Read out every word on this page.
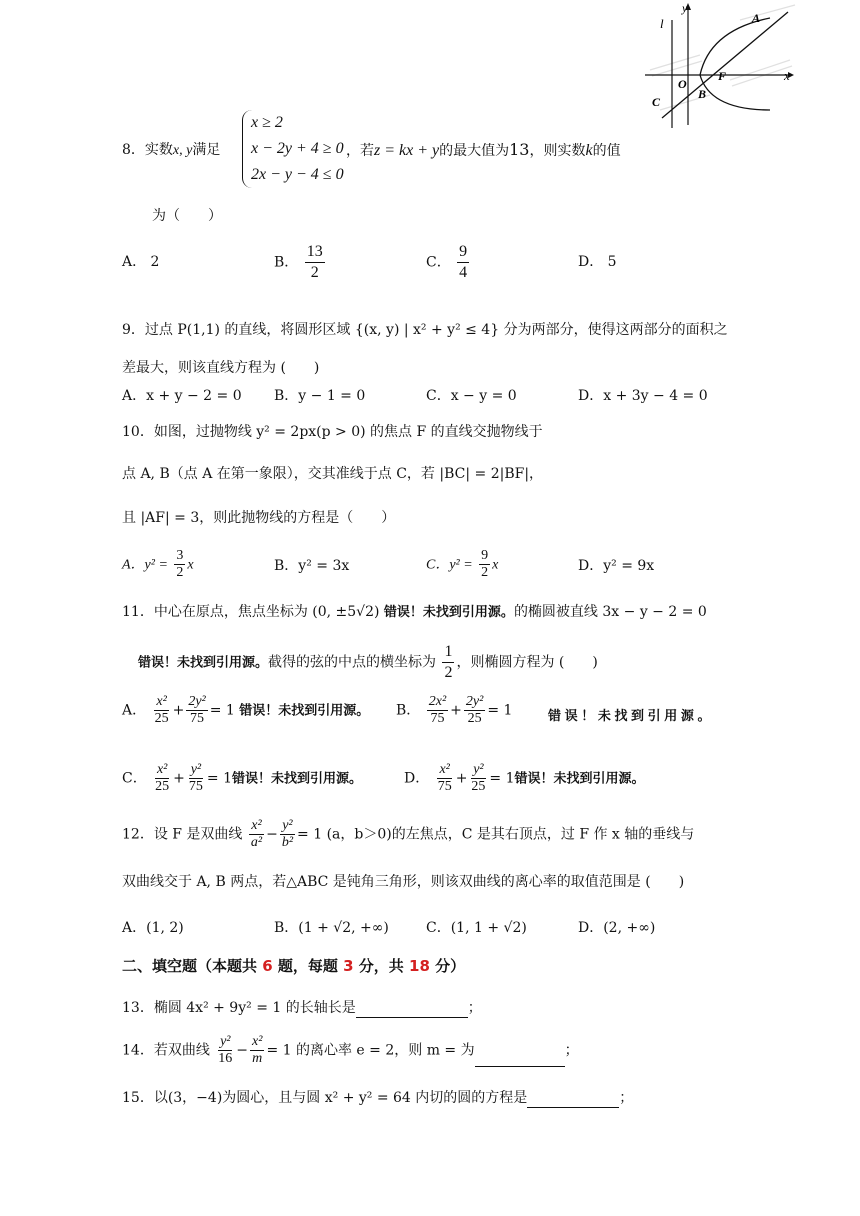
y
x
l	A
O
F
B
C
8．实数x, y满足
x ≥ 2
x − 2y + 4 ≥ 0
2x − y − 4 ≤ 0
，若z = kx + y的最大值为13，则实数k的值
为（　　）
A． 2	B． $\frac{13}{2}$	C． $\frac{9}{4}$	D． 5
9．过点 P(1,1) 的直线，将圆形区域 {(x, y) | x² + y² ≤ 4} 分为两部分，使得这两部分的面积之
差最大，则该直线方程为 (　　)
A．x + y − 2 = 0 B．y − 1 = 0	C．x − y = 0	D．x + 3y − 4 = 0
10．如图，过抛物线 y² = 2px(p > 0) 的焦点 F 的直线交抛物线于
点 A, B（点 A 在第一象限），交其准线于点 C，若 |BC| = 2|BF|，
且 |AF| = 3，则此抛物线的方程是（　　）
A．$y^2 = \frac{3}{2}$ x	B．y² = 3x	C．$y^2 = \frac{9}{2}$ x	D．y² = 9x
11．中心在原点，焦点坐标为 (0, ±5√2) 错误！未找到引用源。的椭圆被直线 3x − y − 2 = 0
错误！未找到引用源。截得的弦的中点的横坐标为 $\frac{1}{2}$ ，则椭圆方程为 (　　)
A． $\frac{\text{x²}}{25} + \frac{\text{2y²}}{75} = 1$ 错误！未找到引用源。 B． $\frac{\text{2x²}}{75} + \frac{\text{2y²}}{25} = 1$	错 误 ！ 未 找 到 引 用 源 。
C． $\frac{\text{x²}}{25} + \frac{\text{y²}}{75} = 1$错误！未找到引用源。	D． $\frac{\text{x²}}{75} + \frac{\text{y²}}{25} = 1$错误！未找到引用源。
12．设 F 是双曲线 $\frac{\text{x²}}{\text{a²}} - \frac{\text{y²}}{\text{b²}} = 1$ (a，b＞0)的左焦点，C 是其右顶点，过 F 作 x 轴的垂线与
双曲线交于 A, B 两点，若△ABC 是钝角三角形，则该双曲线的离心率的取值范围是 (　　)
A．(1, 2)	B．(1 + √2, +∞)	C．(1, 1 + √2)	D．(2, +∞)
二、填空题（本题共 6 题，每题 3 分，共 18 分）
13．椭圆 4x² + 9y² = 1 的长轴长是	；
14．若双曲线 $\frac{\text{y²}}{16} - \frac{\text{x²}}{m} = 1$ 的离心率 e = 2，则 m = 为	；
15．以(3，−4)为圆心，且与圆 x² + y² = 64 内切的圆的方程是	；
